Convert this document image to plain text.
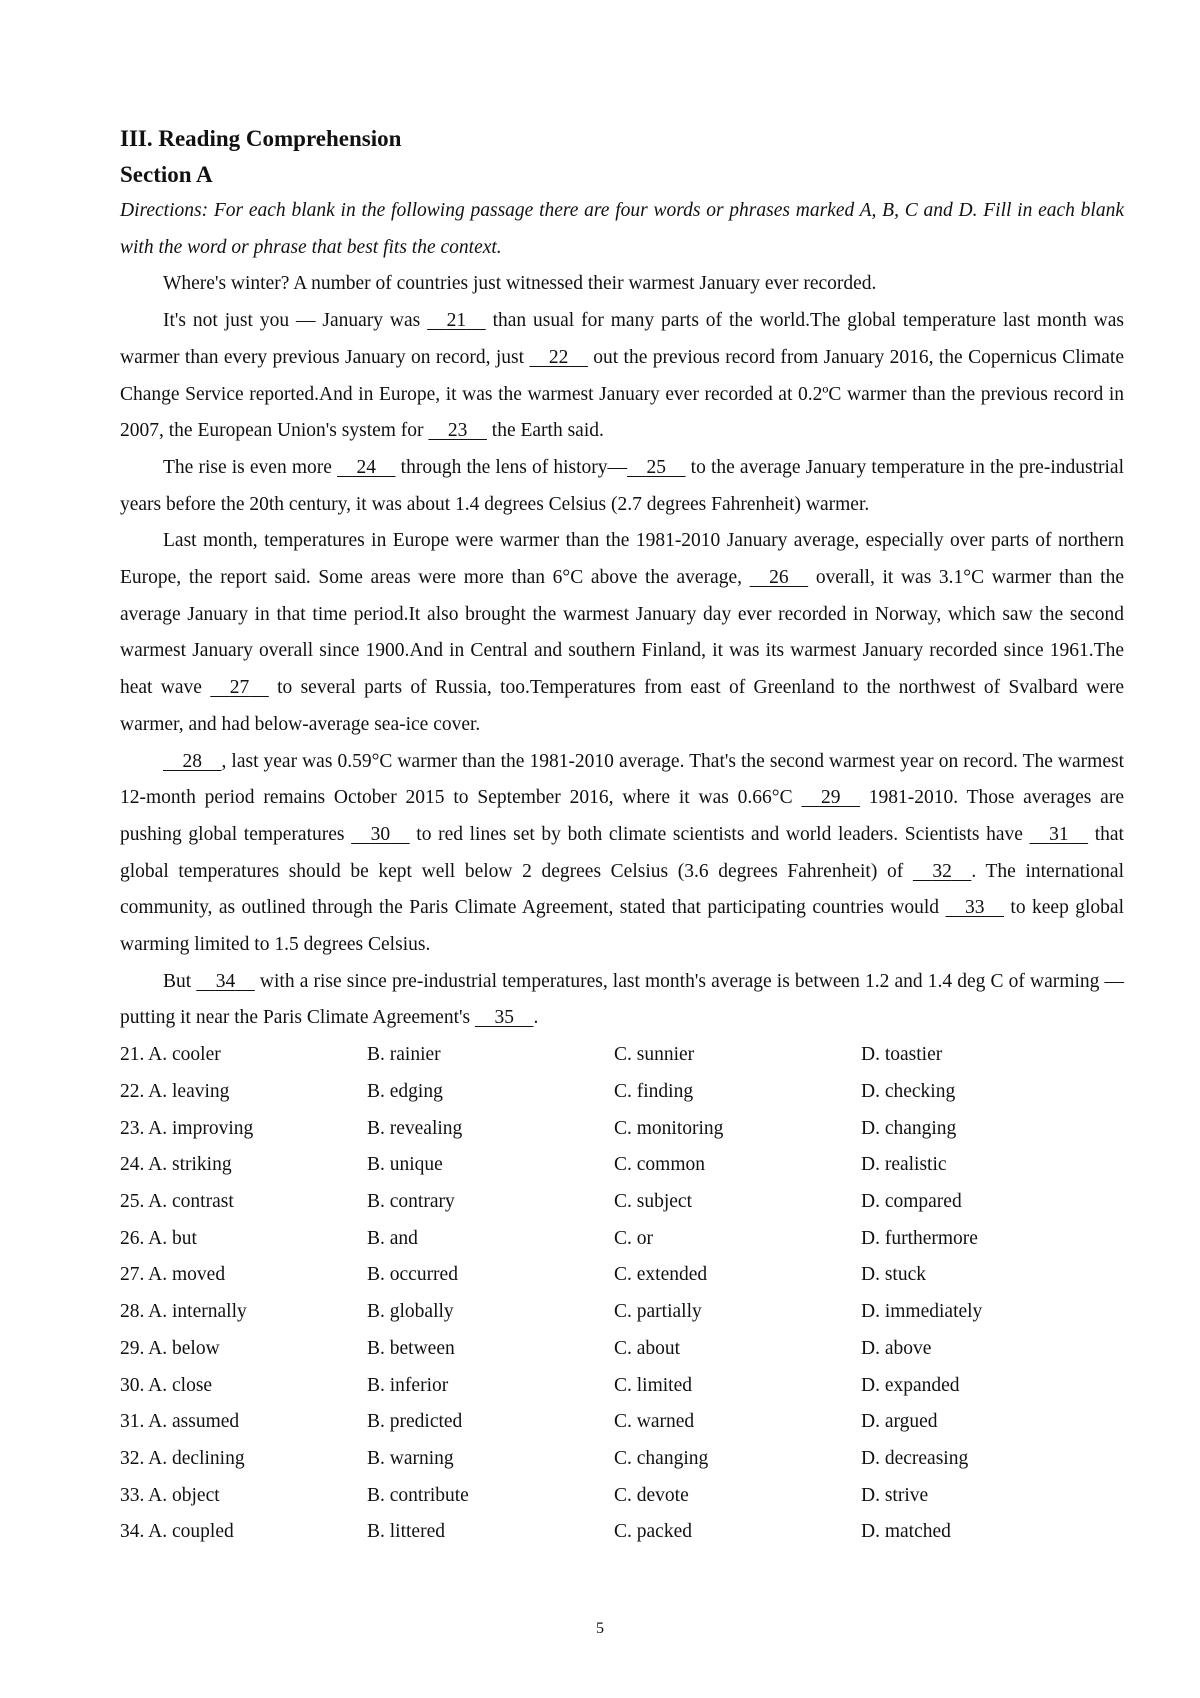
III. Reading Comprehension
Section A

Directions: For each blank in the following passage there are four words or phrases marked A, B, C and D. Fill in each blank with the word or phrase that best fits the context.

Where's winter? A number of countries just witnessed their warmest January ever recorded.

It's not just you — January was 21 than usual for many parts of the world.The global temperature last month was warmer than every previous January on record, just 22 out the previous record from January 2016, the Copernicus Climate Change Service reported.And in Europe, it was the warmest January ever recorded at 0.2ºC warmer than the previous record in 2007, the European Union's system for 23 the Earth said.

The rise is even more 24 through the lens of history— 25 to the average January temperature in the pre-industrial years before the 20th century, it was about 1.4 degrees Celsius (2.7 degrees Fahrenheit) warmer.

Last month, temperatures in Europe were warmer than the 1981-2010 January average, especially over parts of northern Europe, the report said. Some areas were more than 6°C above the average, 26 overall, it was 3.1°C warmer than the average January in that time period.It also brought the warmest January day ever recorded in Norway, which saw the second warmest January overall since 1900.And in Central and southern Finland, it was its warmest January recorded since 1961.The heat wave 27 to several parts of Russia, too.Temperatures from east of Greenland to the northwest of Svalbard were warmer, and had below-average sea-ice cover.

28 , last year was 0.59°C warmer than the 1981-2010 average. That's the second warmest year on record. The warmest 12-month period remains October 2015 to September 2016, where it was 0.66°C 29 1981-2010. Those averages are pushing global temperatures 30 to red lines set by both climate scientists and world leaders. Scientists have 31 that global temperatures should be kept well below 2 degrees Celsius (3.6 degrees Fahrenheit) of 32 . The international community, as outlined through the Paris Climate Agreement, stated that participating countries would 33 to keep global warming limited to 1.5 degrees Celsius.

But 34 with a rise since pre-industrial temperatures, last month's average is between 1.2 and 1.4 deg C of warming — putting it near the Paris Climate Agreement's 35 .

21. A. cooler	B. rainier	C. sunnier	D. toastier
22. A. leaving	B. edging	C. finding	D. checking
23. A. improving	B. revealing	C. monitoring	D. changing
24. A. striking	B. unique	C. common	D. realistic
25. A. contrast	B. contrary	C. subject	D. compared
26. A. but	B. and	C. or	D. furthermore
27. A. moved	B. occurred	C. extended	D. stuck
28. A. internally	B. globally	C. partially	D. immediately
29. A. below	B. between	C. about	D. above
30. A. close	B. inferior	C. limited	D. expanded
31. A. assumed	B. predicted	C. warned	D. argued
32. A. declining	B. warning	C. changing	D. decreasing
33. A. object	B. contribute	C. devote	D. strive
34. A. coupled	B. littered	C. packed	D. matched
5
